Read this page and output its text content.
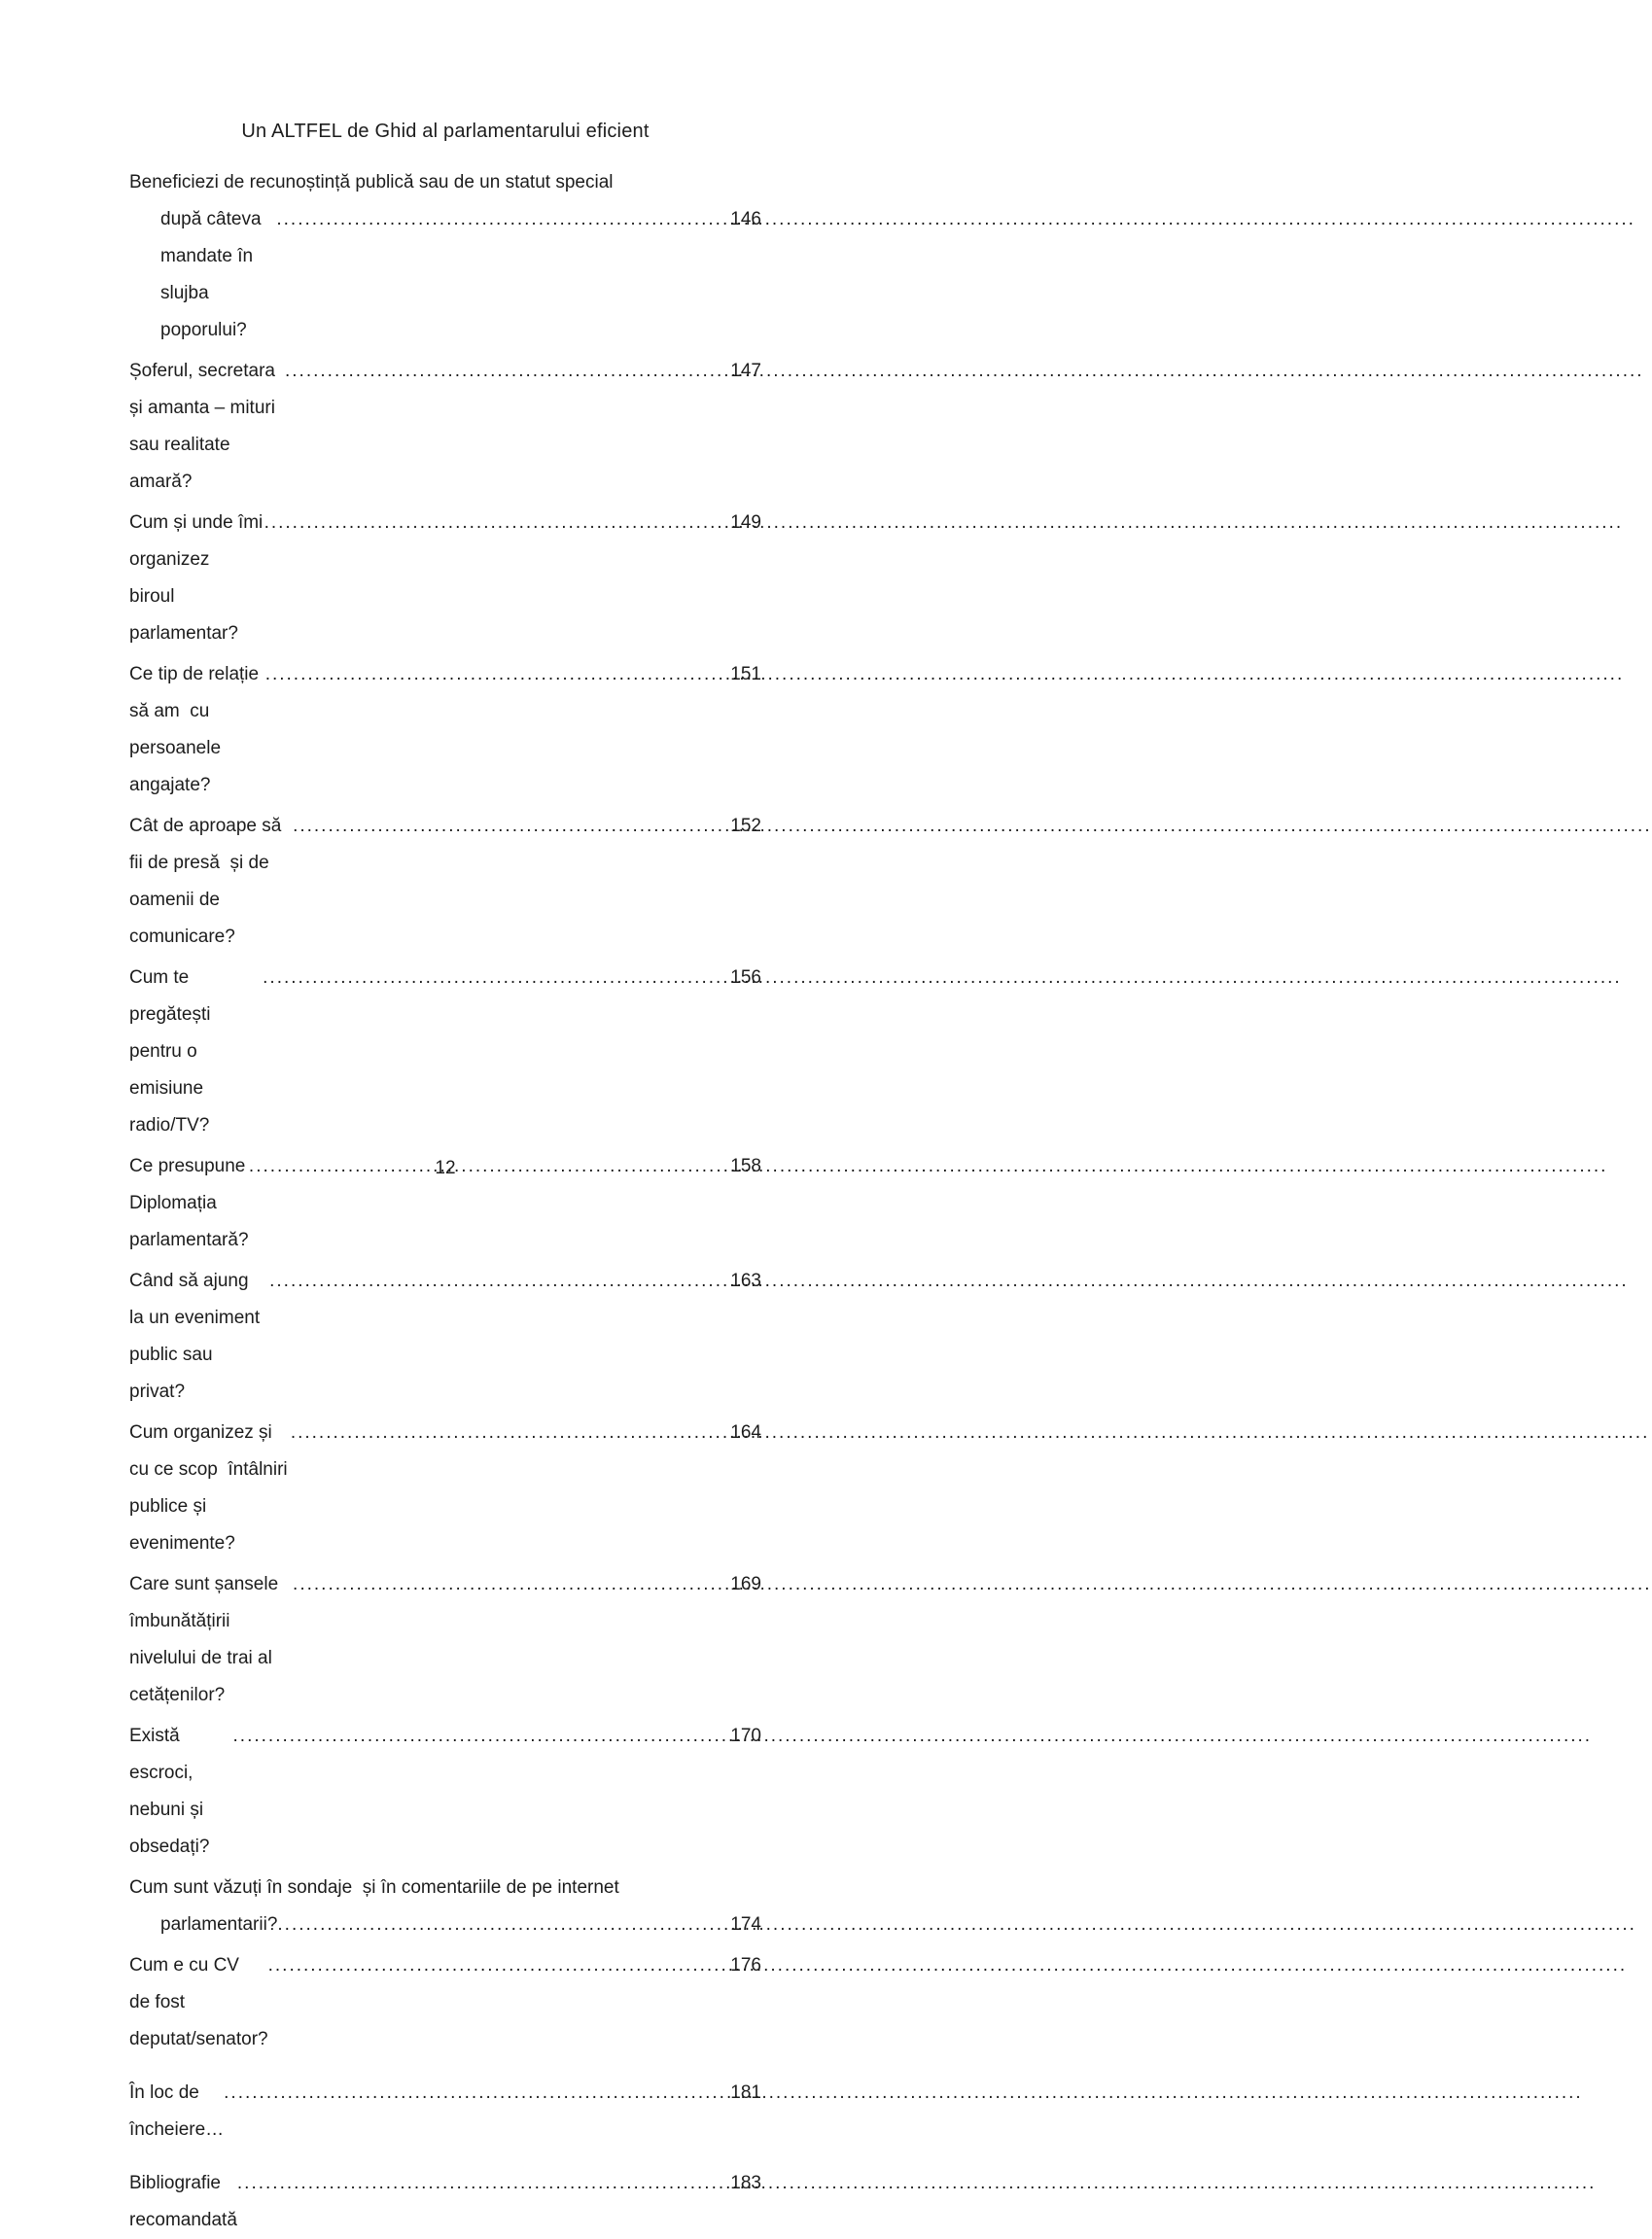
Un ALTFEL de Ghid al parlamentarului eficient
Beneficiezi de recunoștință publică sau de un statut special
după câteva mandate în slujba poporului?
.....
146
Șoferul, secretara și amanta – mituri sau realitate amară?
.....
147
Cum și unde îmi organizez  biroul parlamentar?
.....
149
Ce tip de relație să am  cu persoanele angajate?
.....
151
Cât de aproape să fii de presă  și de oamenii de comunicare?
.....
152
Cum te pregătești  pentru o emisiune radio/TV?
.....
156
Ce presupune Diplomația parlamentară?
.....
158
Când să ajung  la un eveniment public sau privat?
.....
163
Cum organizez și cu ce scop  întâlniri publice și evenimente?
.....
164
Care sunt șansele îmbunătățirii  nivelului de trai al cetățenilor?
.....
169
Există escroci, nebuni și obsedați?
.....
170
Cum sunt văzuți în sondaje  și în comentariile de pe internet
parlamentarii? .....	174
Cum e cu CV  de fost deputat/senator?
.....
176
În loc de încheiere…
.....
181
Bibliografie recomandată
.....
183
12
